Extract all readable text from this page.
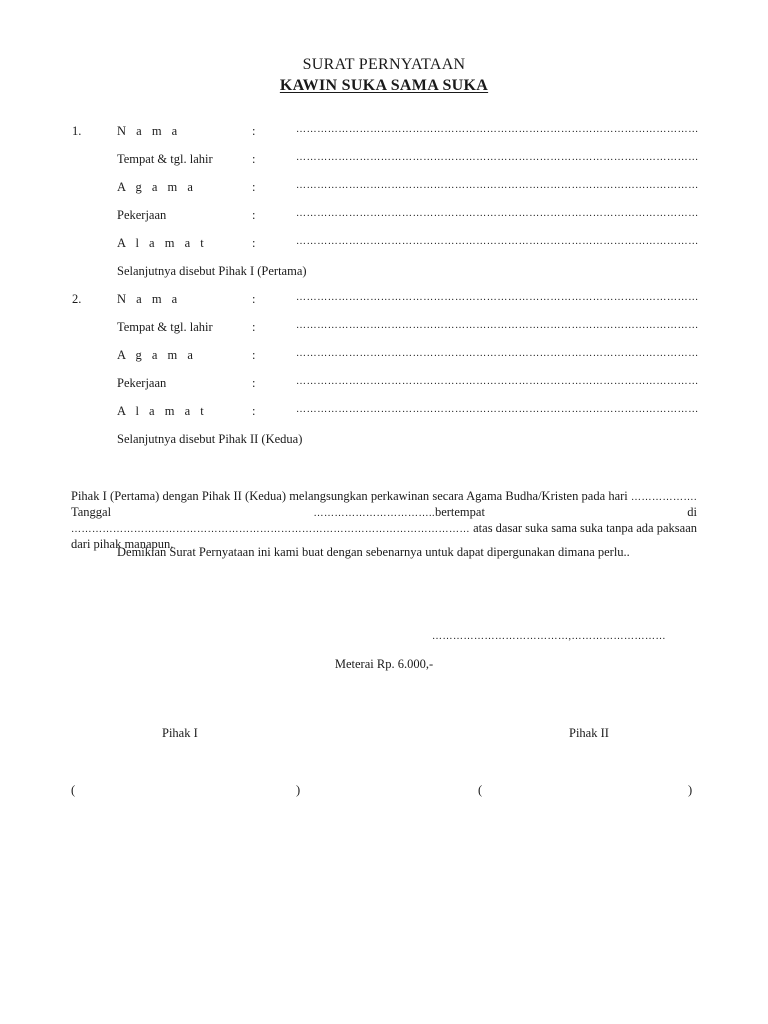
SURAT PERNYATAAN
KAWIN SUKA SAMA SUKA
1.	N a m a	:	……………………………………………………………………………………………………
Tempat & tgl. lahir	:	……………………………………………………………………………………………………
A g a m a	:	……………………………………………………………………………………………………
Pekerjaan	:	……………………………………………………………………………………………………
A l a m a t	:	……………………………………………………………………………………………………
Selanjutnya disebut Pihak I (Pertama)
2.	N a m a	:	……………………………………………………………………………………………………
Tempat & tgl. lahir	:	……………………………………………………………………………………………………
A g a m a	:	……………………………………………………………………………………………………
Pekerjaan	:	……………………………………………………………………………………………………
A l a m a t	:	……………………………………………………………………………………………………
Selanjutnya disebut Pihak II (Kedua)
Pihak I (Pertama) dengan Pihak II (Kedua) melangsungkan perkawinan secara Agama Budha/Kristen pada hari ………………. Tanggal	……………………………..bertempat di …………………………………………………………………………………………………… atas dasar suka sama suka tanpa ada paksaan dari pihak manapun.
Demikian Surat Pernyataan ini kami buat dengan sebenarnya untuk dapat dipergunakan dimana perlu..
…………………………………,………………………
Meterai Rp. 6.000,-
Pihak I	Pihak II
(	)	(	)
